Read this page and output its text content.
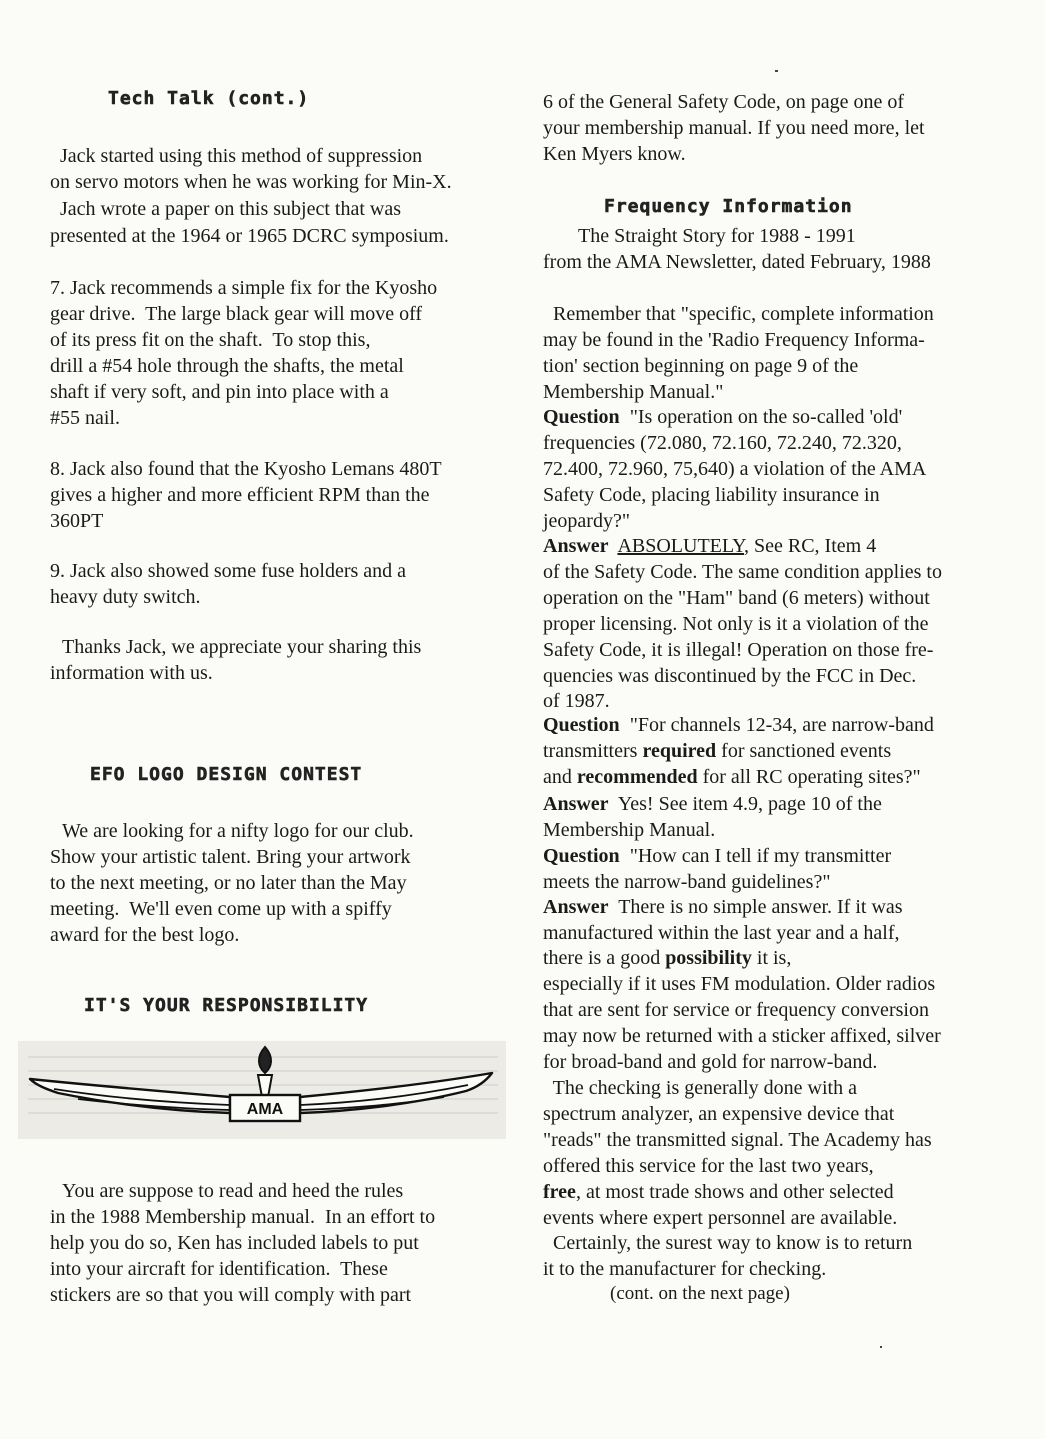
Tech Talk (cont.)
Jack started using this method of suppression
on servo motors when he was working for Min-X.
Jach wrote a paper on this subject that was
presented at the 1964 or 1965 DCRC symposium.
7. Jack recommends a simple fix for the Kyosho
gear drive.  The large black gear will move off
of its press fit on the shaft.  To stop this,
drill a #54 hole through the shafts, the metal
shaft if very soft, and pin into place with a
#55 nail.
8. Jack also found that the Kyosho Lemans 480T
gives a higher and more efficient RPM than the
360PT
9. Jack also showed some fuse holders and a
heavy duty switch.
Thanks Jack, we appreciate your sharing this
information with us.
EFO LOGO DESIGN CONTEST
We are looking for a nifty logo for our club.
Show your artistic talent. Bring your artwork
to the next meeting, or no later than the May
meeting.  We'll even come up with a spiffy
award for the best logo.
IT'S YOUR RESPONSIBILITY
AMA
You are suppose to read and heed the rules
in the 1988 Membership manual.  In an effort to
help you do so, Ken has included labels to put
into your aircraft for identification.  These
stickers are so that you will comply with part
6 of the General Safety Code, on page one of
your membership manual. If you need more, let
Ken Myers know.
Frequency Information
The Straight Story for 1988 - 1991
from the AMA Newsletter, dated February, 1988
Remember that "specific, complete information
may be found in the 'Radio Frequency Informa-
tion' section beginning on page 9 of the
Membership Manual."
Question "Is operation on the so-called 'old'
frequencies (72.080, 72.160, 72.240, 72.320,
72.400, 72.960, 75,640) a violation of the AMA
Safety Code, placing liability insurance in
jeopardy?"
Answer ABSOLUTELY, See RC, Item 4
of the Safety Code. The same condition applies to
operation on the "Ham" band (6 meters) without
proper licensing. Not only is it a violation of the
Safety Code, it is illegal! Operation on those fre-
quencies was discontinued by the FCC in Dec.
of 1987.
Question "For channels 12-34, are narrow-band
transmitters required for sanctioned events
and recommended for all RC operating sites?"
Answer Yes! See item 4.9, page 10 of the
Membership Manual.
Question "How can I tell if my transmitter
meets the narrow-band guidelines?"
Answer There is no simple answer. If it was
manufactured within the last year and a half,
there is a good possibility it is,
especially if it uses FM modulation. Older radios
that are sent for service or frequency conversion
may now be returned with a sticker affixed, silver
for broad-band and gold for narrow-band.
The checking is generally done with a
spectrum analyzer, an expensive device that
"reads" the transmitted signal. The Academy has
offered this service for the last two years,
free, at most trade shows and other selected
events where expert personnel are available.
Certainly, the surest way to know is to return
it to the manufacturer for checking.
(cont. on the next page)
